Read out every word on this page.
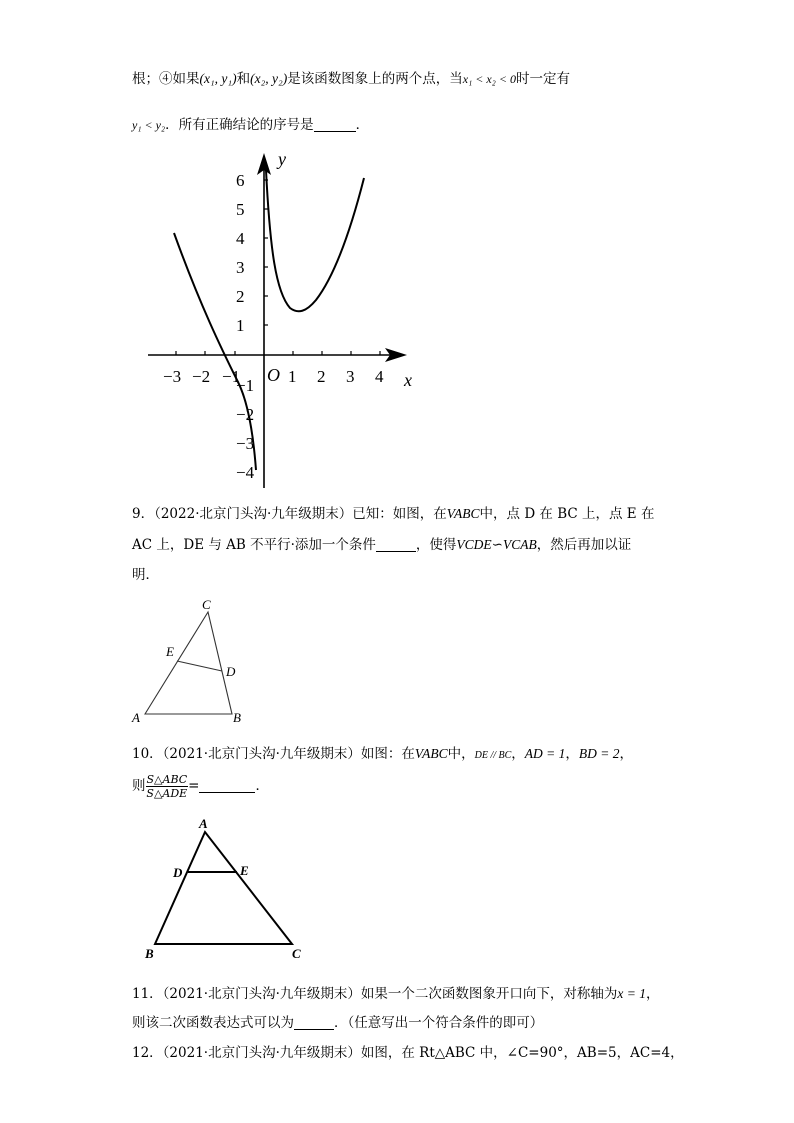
根；④如果(x₁, y₁)和(x₂, y₂)是该函数图象上的两个点，当x₁ < x₂ < 0时一定有
y₁ < y₂．所有正确结论的序号是	．
y
x
O
−3 −2 −1	1 2 3 4
6
5
4
3
2
1
−1
−2
−3
−4
9．（2022·北京门头沟·九年级期末）已知：如图，在VABC中，点 D 在 BC 上，点 E 在
AC 上，DE 与 AB 不平行·添加一个条件	，使得VCDE∽VCAB，然后再加以证
明．
C
E
D
A	B
10．（2021·北京门头沟·九年级期末）如图：在VABC中，DE // BC，AD = 1，BD = 2，
则 $\frac{\text{S△ABC}}{\text{S△ADE}}$ =	．
A
D	E
B	C
11．（2021·北京门头沟·九年级期末）如果一个二次函数图象开口向下，对称轴为x = 1，
则该二次函数表达式可以为	．（任意写出一个符合条件的即可）
12．（2021·北京门头沟·九年级期末）如图，在 Rt△ABC 中，∠C=90°，AB=5，AC=4，
